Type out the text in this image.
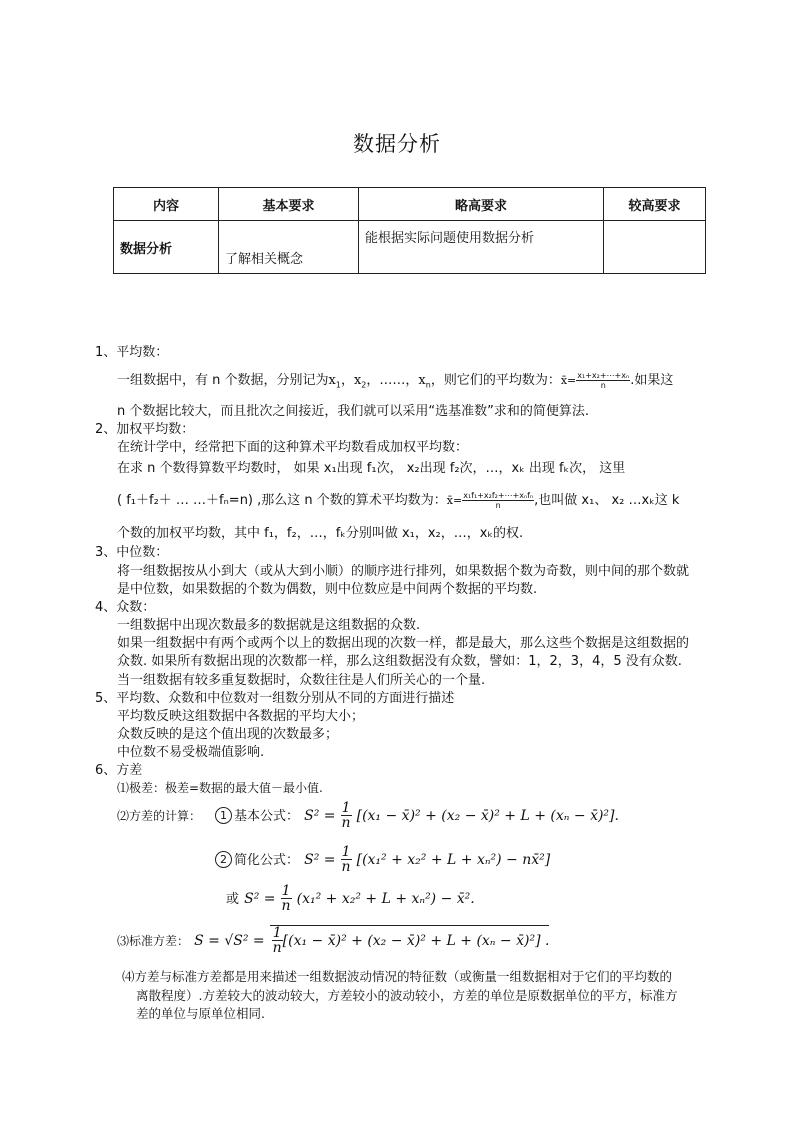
数据分析
内容	基本要求	略高要求	较高要求
数据分析	了解相关概念	能根据实际问题使用数据分析	
1、平均数：
一组数据中，有 n 个数据，分别记为$x_1$，$x_2$，……，$x_n$，则它们的平均数为：x̄= $\frac{\text{x₁+x₂+⋯+xₙ}}{n}$ .如果这
n 个数据比较大，而且批次之间接近，我们就可以采用“选基准数”求和的简便算法.
2、加权平均数：
在统计学中，经常把下面的这种算术平均数看成加权平均数：
在求 n 个数得算数平均数时， 如果 x₁出现 f₁次， x₂出现 f₂次，…，xₖ 出现 fₖ次， 这里
( f₁＋f₂＋ … …＋fₙ=n) ,那么这 n 个数的算术平均数为：x̄= $\frac{\text{x₁f₁+x₂f₂+⋯+xₙfₙ}}{n}$ ,也叫做 x₁、 x₂ …xₖ这 k
个数的加权平均数，其中 f₁，f₂，…，fₖ分别叫做 x₁，x₂，…，xₖ的权.
3、中位数：
将一组数据按从小到大（或从大到小顺）的顺序进行排列，如果数据个数为奇数，则中间的那个数就
是中位数，如果数据的个数为偶数，则中位数应是中间两个数据的平均数.
4、众数：
一组数据中出现次数最多的数据就是这组数据的众数.
如果一组数据中有两个或两个以上的数据出现的次数一样，都是最大，那么这些个数据是这组数据的
众数. 如果所有数据出现的次数都一样，那么这组数据没有众数，譬如：1，2，3，4，5 没有众数.
当一组数据有较多重复数据时，众数往往是人们所关心的一个量.
5、平均数、众数和中位数对一组数分别从不同的方面进行描述
平均数反映这组数据中各数据的平均大小；
众数反映的是这个值出现的次数最多；
中位数不易受极端值影响.
6、方差
⑴极差：极差=数据的最大值－最小值.
⑵方差的计算：	1 基本公式： $S^2 = \frac{1}{n} [(x_1$ − x̄)² + (x₂ − x̄)² + L + (xₙ − x̄)²].
2 简化公式： $S^2 = \frac{1}{n} [(x_1^2 + x_2^2 + L + x_n^2)$ − nx̄²]
或 $S^2 = \frac{1}{n} (x_1^2 + x_2^2 + L + x_n^2)$ − x̄².
⑶标准方差： $S = √S^2 = \frac{1}{n} [(x_1$ − x̄)² + (x₂ − x̄)² + L + (xₙ − x̄)²] .
⑷方差与标准方差都是用来描述一组数据波动情况的特征数（或衡量一组数据相对于它们的平均数的
离散程度）.方差较大的波动较大，方差较小的波动较小，方差的单位是原数据单位的平方，标准方
差的单位与原单位相同.
